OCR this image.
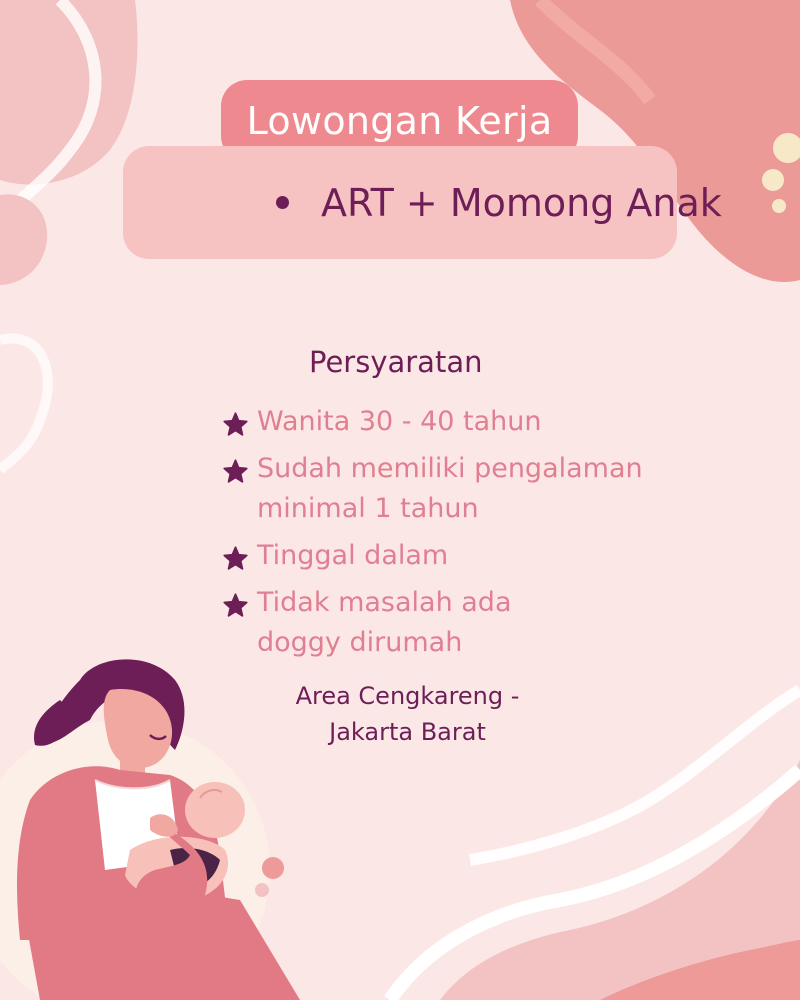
Lowongan Kerja
ART + Momong Anak
Persyaratan
Wanita 30 - 40 tahun
Sudah memiliki pengalaman minimal 1 tahun
Tinggal dalam
Tidak masalah ada doggy dirumah
Area Cengkareng -
Jakarta Barat
